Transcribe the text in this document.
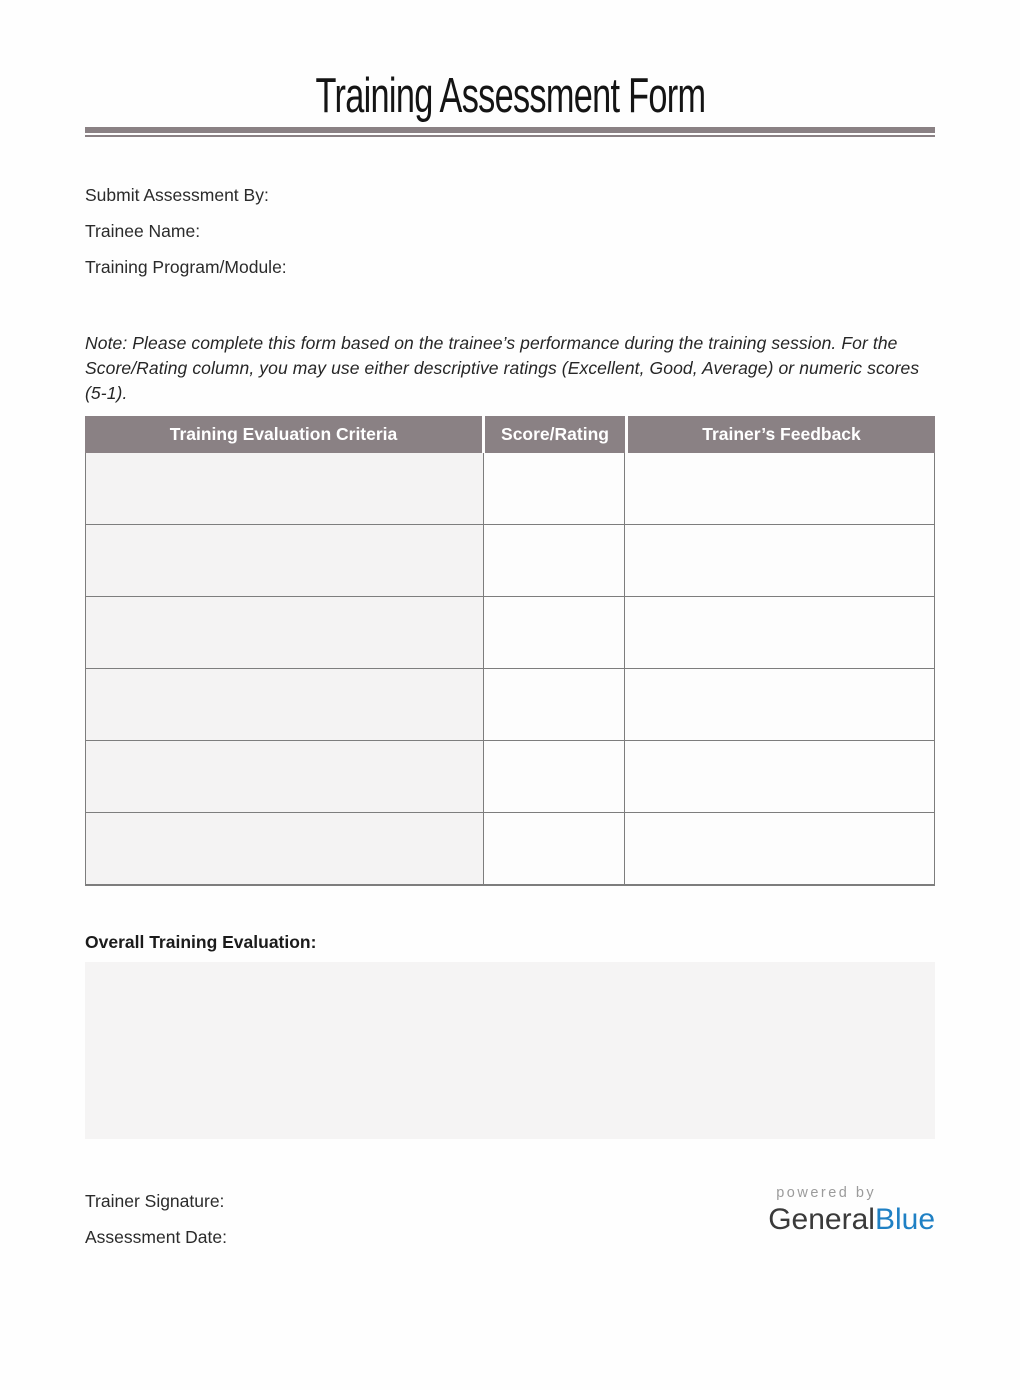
Training Assessment Form
Submit Assessment By:
Trainee Name:
Training Program/Module:
Note: Please complete this form based on the trainee’s performance during the training session. For the Score/Rating column, you may use either descriptive ratings (Excellent, Good, Average) or numeric scores (5-1).
Training Evaluation Criteria	Score/Rating	Trainer’s Feedback
Overall Training Evaluation:
Trainer Signature:
Assessment Date:
powered by
GeneralBlue
